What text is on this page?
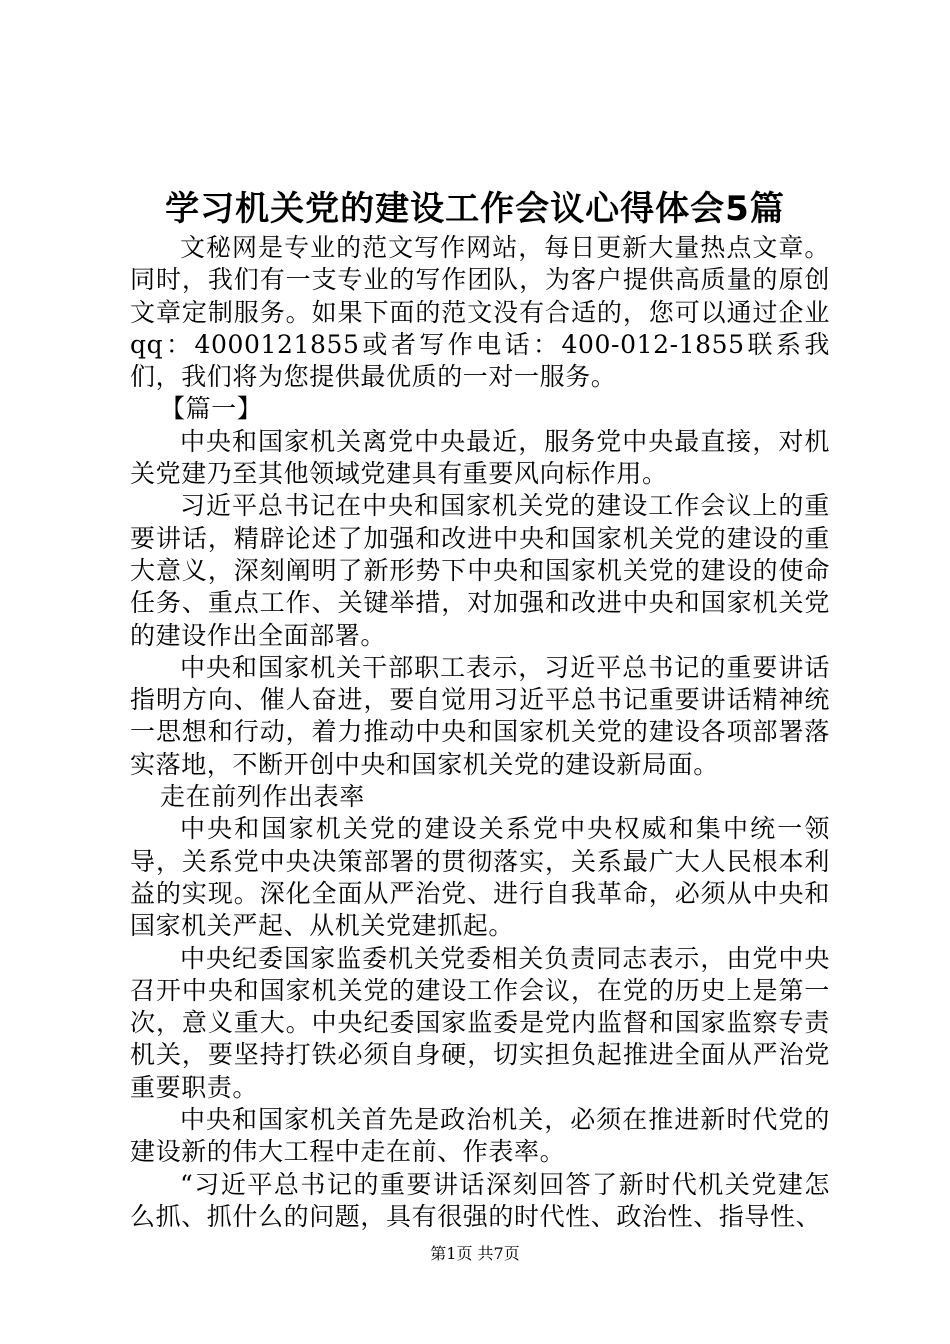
学习机关党的建设工作会议心得体会5篇

文秘网是专业的范文写作网站，每日更新大量热点文章。同时，我们有一支专业的写作团队，为客户提供高质量的原创文章定制服务。如果下面的范文没有合适的，您可以通过企业qq：4000121855或者写作电话：400-012-1855联系我们，我们将为您提供最优质的一对一服务。

【篇一】

中央和国家机关离党中央最近，服务党中央最直接，对机关党建乃至其他领域党建具有重要风向标作用。

习近平总书记在中央和国家机关党的建设工作会议上的重要讲话，精辟论述了加强和改进中央和国家机关党的建设的重大意义，深刻阐明了新形势下中央和国家机关党的建设的使命任务、重点工作、关键举措，对加强和改进中央和国家机关党的建设作出全面部署。

中央和国家机关干部职工表示，习近平总书记的重要讲话指明方向、催人奋进，要自觉用习近平总书记重要讲话精神统一思想和行动，着力推动中央和国家机关党的建设各项部署落实落地，不断开创中央和国家机关党的建设新局面。

走在前列作出表率

中央和国家机关党的建设关系党中央权威和集中统一领导，关系党中央决策部署的贯彻落实，关系最广大人民根本利益的实现。深化全面从严治党、进行自我革命，必须从中央和国家机关严起、从机关党建抓起。

中央纪委国家监委机关党委相关负责同志表示，由党中央召开中央和国家机关党的建设工作会议，在党的历史上是第一次，意义重大。中央纪委国家监委是党内监督和国家监察专责机关，要坚持打铁必须自身硬，切实担负起推进全面从严治党重要职责。

中央和国家机关首先是政治机关，必须在推进新时代党的建设新的伟大工程中走在前、作表率。

“习近平总书记的重要讲话深刻回答了新时代机关党建怎么抓、抓什么的问题，具有很强的时代性、政治性、指导性、

第1页 共7页
